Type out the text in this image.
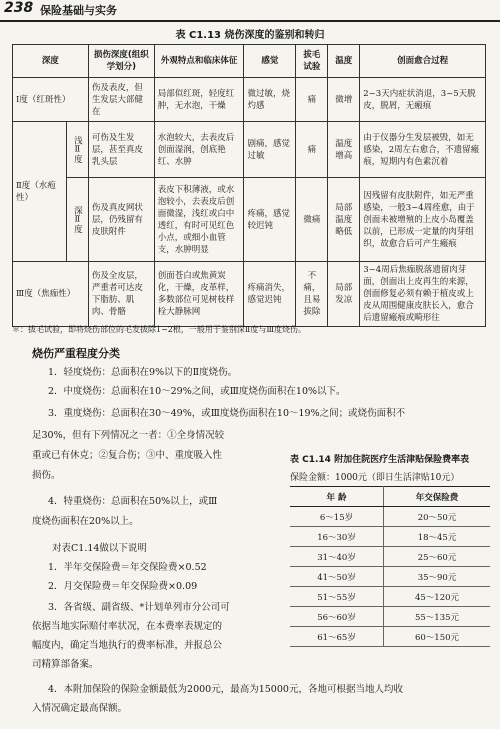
238 保险基础与实务
表 C1.13 烧伤深度的鉴别和转归
深度		损伤深度(组织学划分)	外观特点和临床体征	感觉	拔毛试验	温度	创面愈合过程
Ⅰ度（红斑性）		伤及表皮，但生发层大部健在	局部似红斑，轻度红肿，无水泡，干燥	微过敏，烧灼感	痛	微增	2~3天内症状消退，3~5天脱皮，脱屑，无瘢痕
Ⅱ度（水疱性）	浅Ⅱ度	可伤及生发层，甚至真皮乳头层	水泡较大，去表皮后创面湿润，创底艳红、水肿	剧痛，感觉过敏	痛	温度增高	由于仪器分生发层被毁，如无感染，2周左右愈合，不遗留瘢痕，短期内有色素沉着
	深Ⅱ度	伤及真皮网状层，仍残留有皮肤附件	表皮下积薄液，或水泡较小，去表皮后创面微湿，浅红或白中透红，有时可见红色小点，或细小血管支，水肿明显	疼痛，感觉较迟钝	微痛	局部温度略低	因残留有皮肤附件，如无严重感染，一般3~4周痊愈，由于创面未被增殖的上皮小岛覆盖以前，已形成一定量的肉芽组织，故愈合后可产生瘢痕
Ⅲ度（焦痂性）		伤及全皮层，严重者可达皮下脂肪、肌肉、骨骼	创面苍白或焦黄炭化，干燥，皮革样，多数部位可见树枝样栓大静脉网	疼痛消失，感觉迟钝	不痛，且易拔除	局部发凉	3~4周后焦痂脱落遗留肉芽面，创面出上皮再生的来源，创面修复必须有赖于植皮或上皮从周围健康皮肤长入，愈合后遗留瘢痕或畸形往
＊：拔毛试验，即将烧伤部位的毛发拔除1~2根，一般用于鉴别深Ⅱ度与Ⅲ度烧伤。
烧伤严重程度分类
1．轻度烧伤：总面积在9%以下的Ⅱ度烧伤。
2．中度烧伤：总面积在10～29%之间，或Ⅲ度烧伤面积在10%以下。
3．重度烧伤：总面积在30～49%，或Ⅲ度烧伤面积在10～19%之间；或烧伤面积不
足30%，但有下列情况之一者：①全身情况较
重或已有休克；②复合伤；③中、重度吸入性
损伤。
4．特重烧伤：总面积在50%以上，或Ⅲ
度烧伤面积在20%以上。
对表C1.14做以下说明
1．半年交保险费＝年交保险费×0.52
2．月交保险费＝年交保险费×0.09
3．各省级、副省级、*计划单列市分公司可
依据当地实际赔付率状况，在本费率表规定的
幅度内，确定当地执行的费率标准，并报总公
司精算部备案。
4．本附加保险的保险金额最低为2000元，最高为15000元，各地可根据当地人均收
入情况确定最高保额。
表 C1.14 附加住院医疗生活津贴保险费率表
保险金额：1000元（即日生活津贴10元）
年 龄	年交保险费
6～15岁	20～50元
16～30岁	18～45元
31～40岁	25～60元
41～50岁	35～90元
51～55岁	45～120元
56～60岁	55～135元
61～65岁	60～150元
